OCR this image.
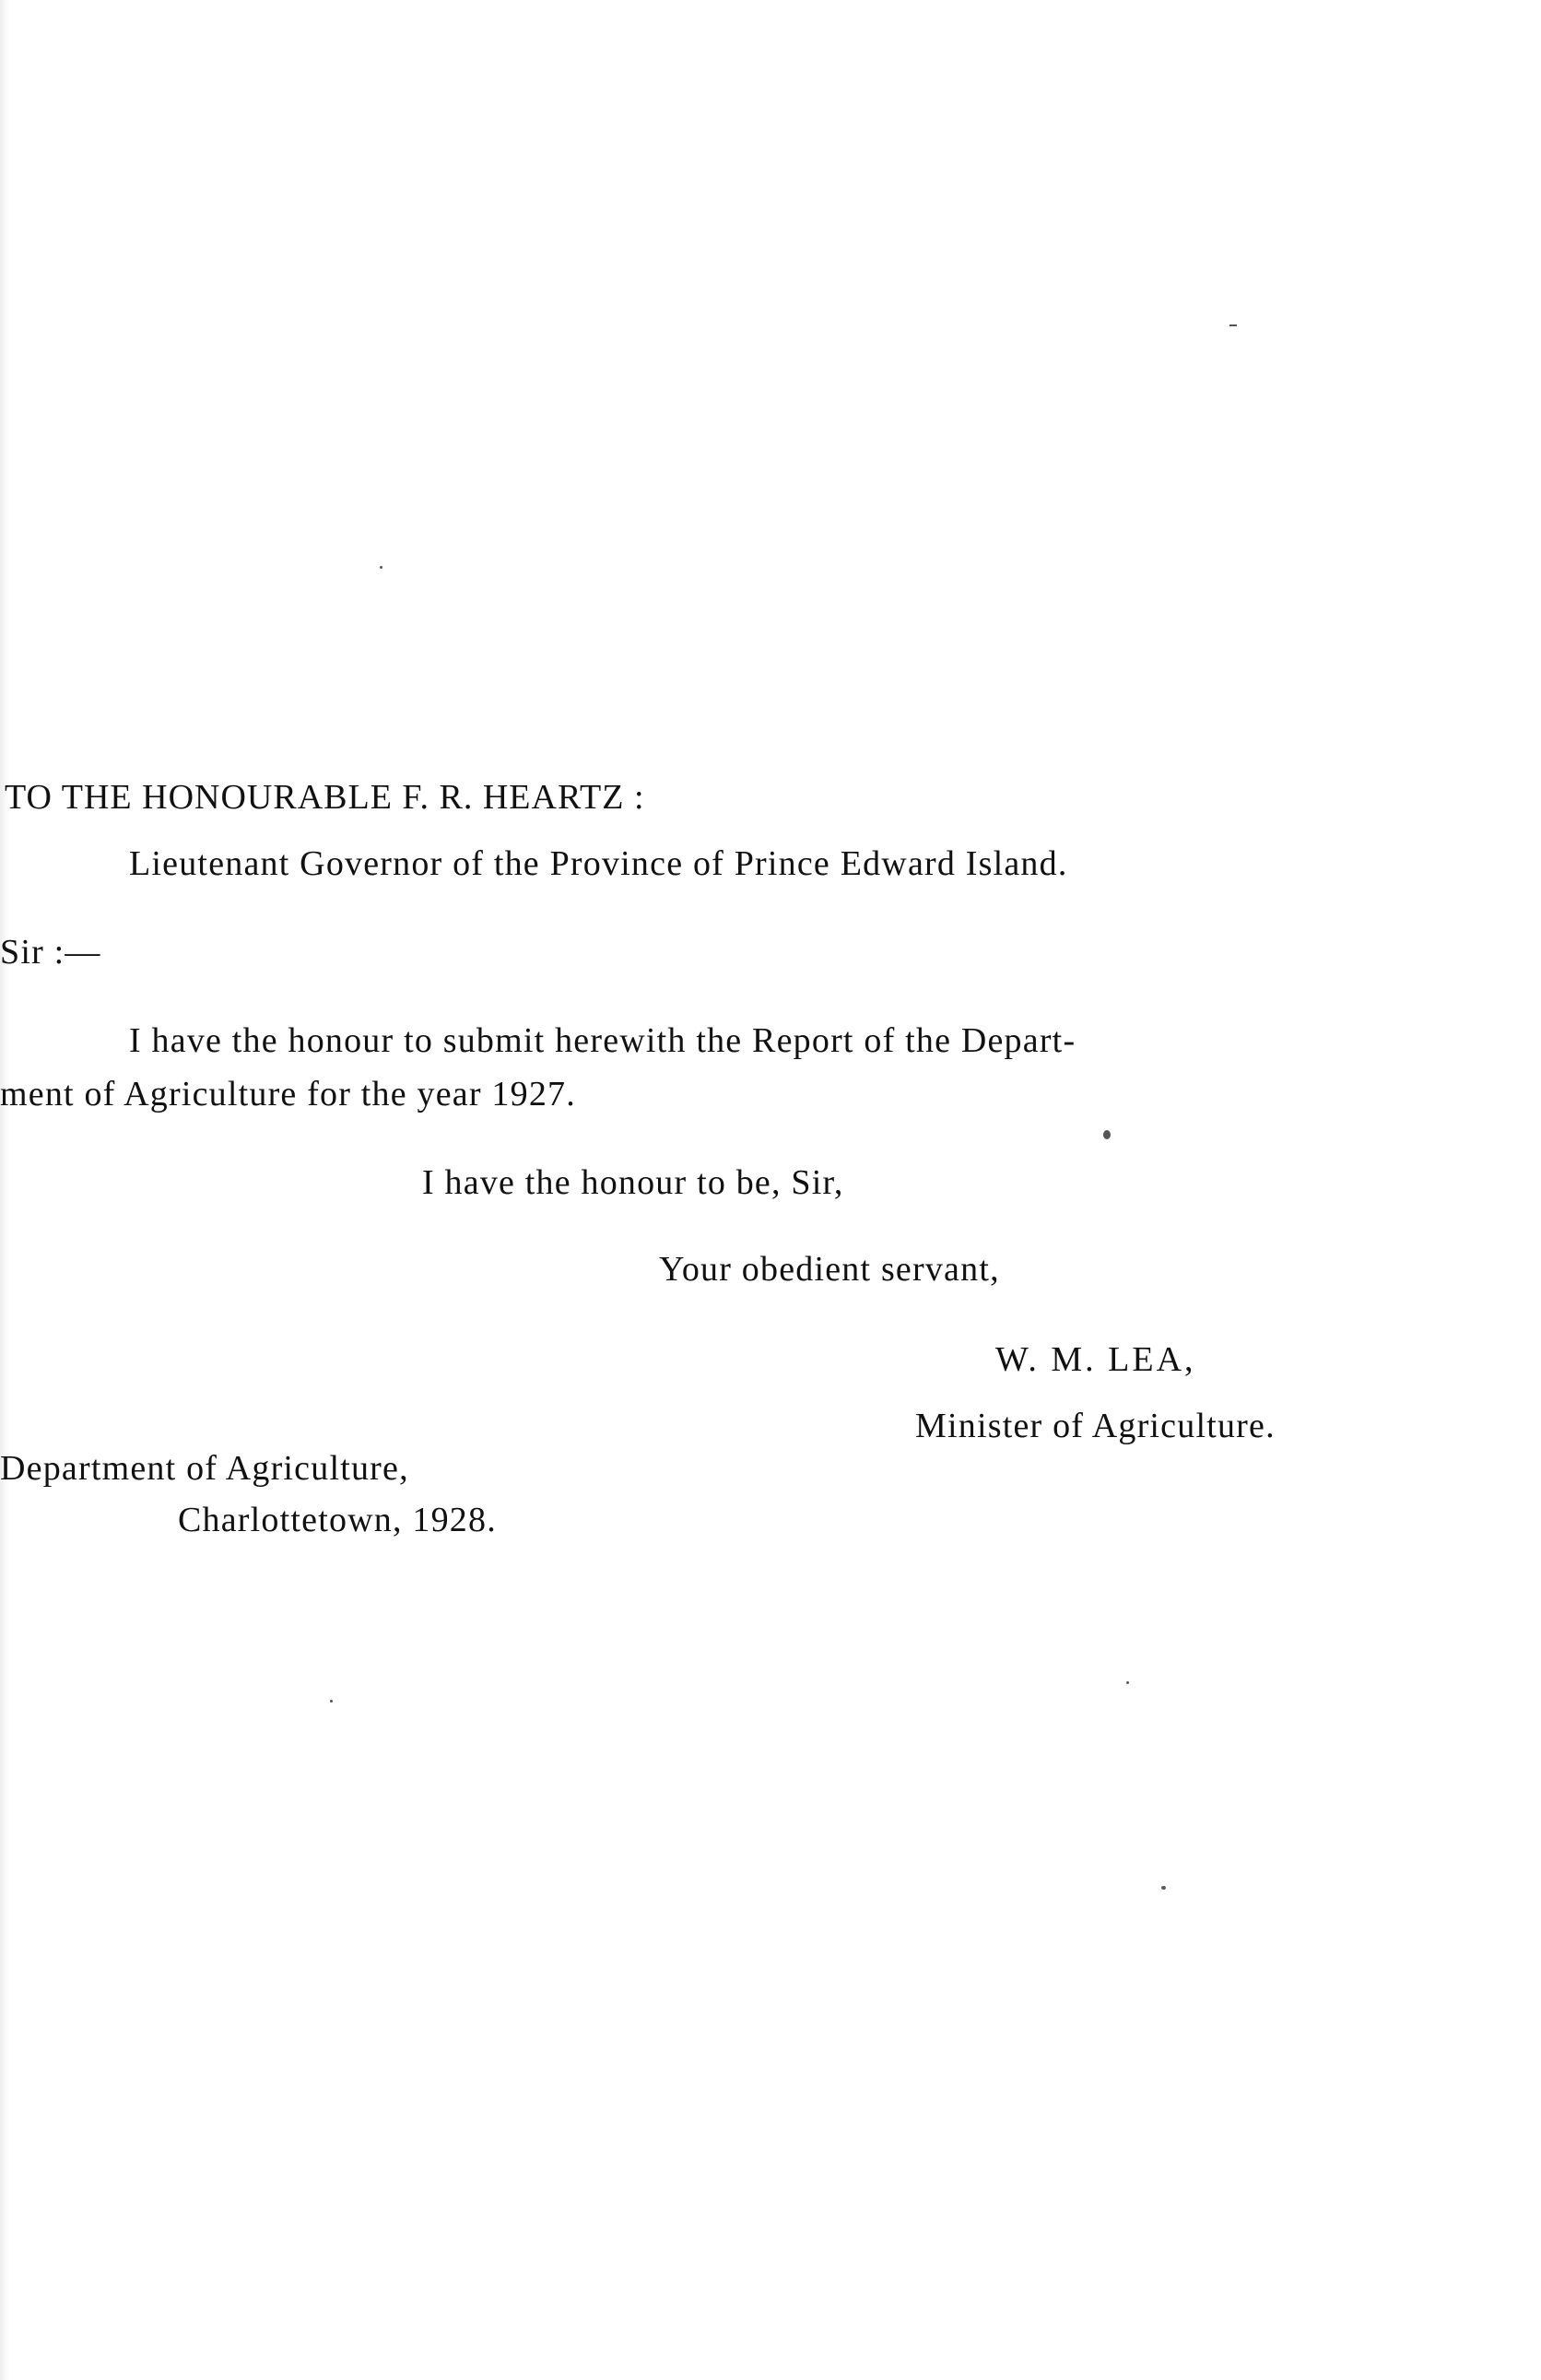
TO THE HONOURABLE F. R. HEARTZ :
Lieutenant Governor of the Province of Prince Edward Island.
Sir :—
I have the honour to submit herewith the Report of the Depart-
ment of Agriculture for the year 1927.
I have the honour to be, Sir,
Your obedient servant,
W. M. LEA,
Minister of Agriculture.
Department of Agriculture,
Charlottetown, 1928.
